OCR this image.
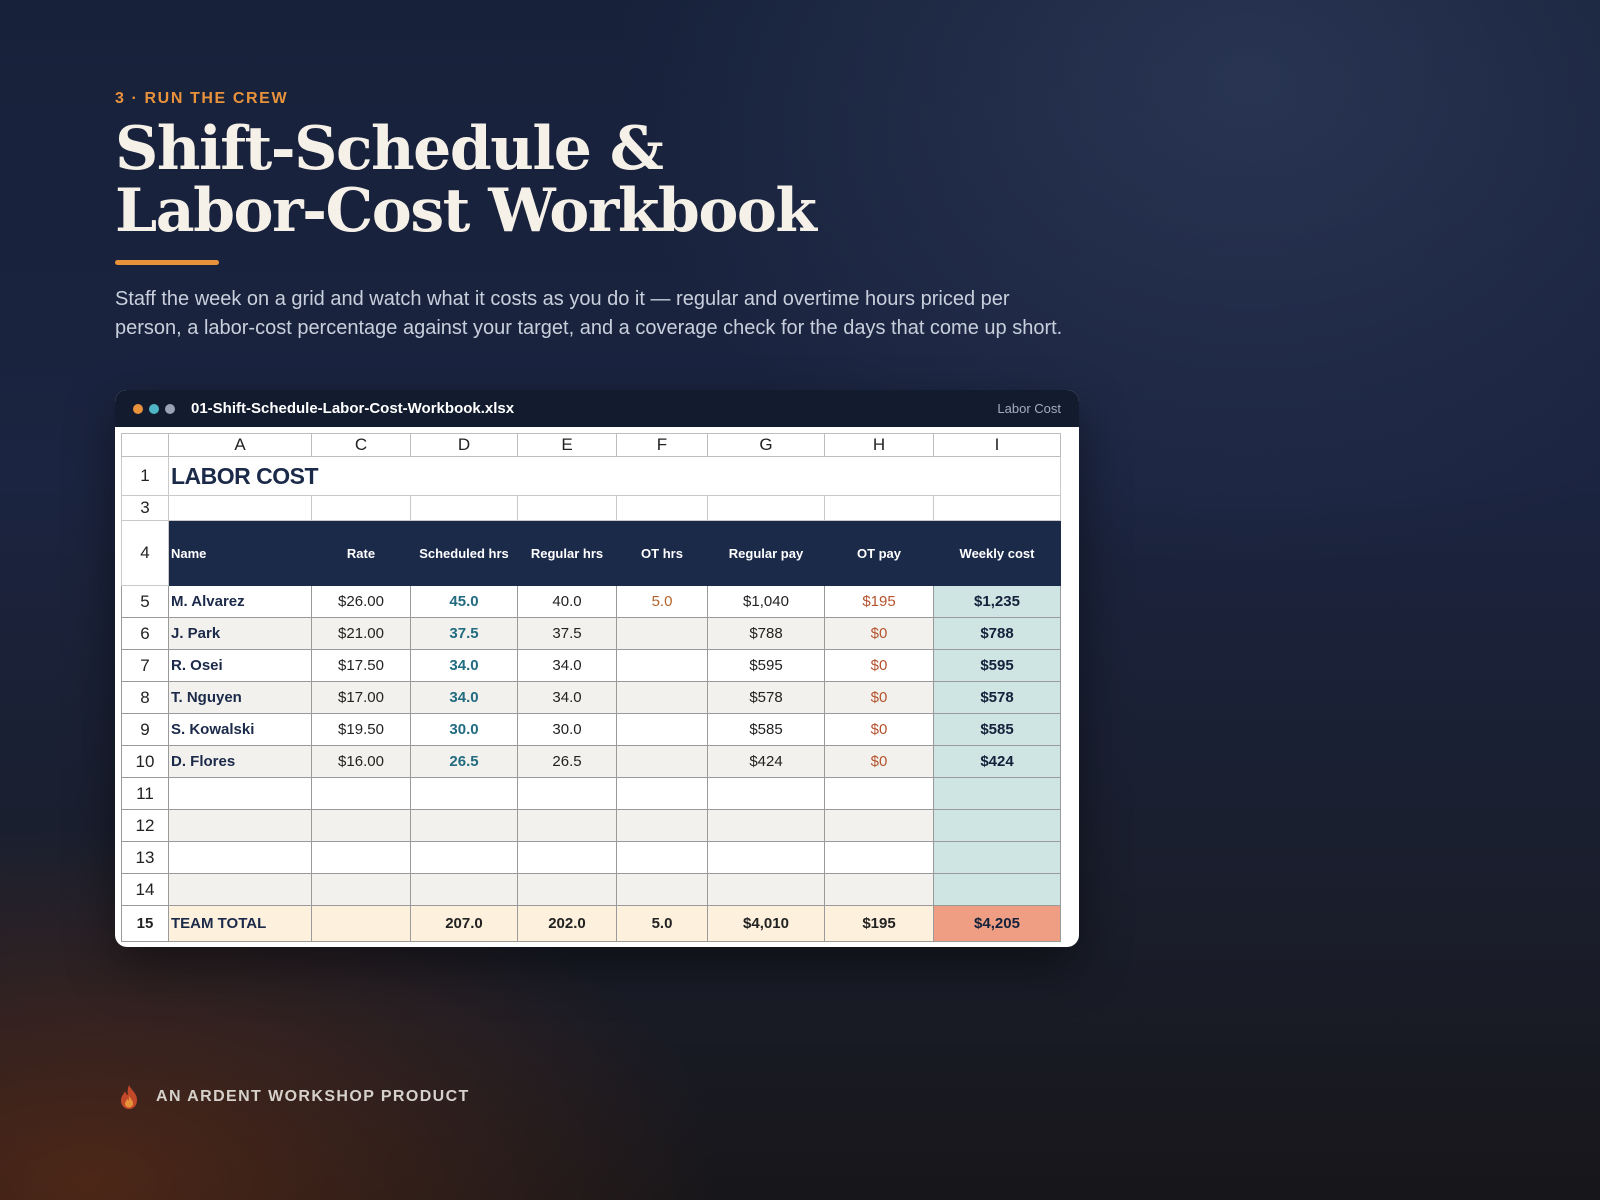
3 · RUN THE CREW
Shift-Schedule &
Labor-Cost Workbook

Staff the week on a grid and watch what it costs as you do it — regular and overtime hours priced per person, a labor-cost percentage against your target, and a coverage check for the days that come up short.

01-Shift-Schedule-Labor-Cost-Workbook.xlsx	Labor Cost
	A	C	D	E	F	G	H	I
1	LABOR COST							
3								
4	Name	Rate	Scheduled hrs	Regular hrs	OT hrs	Regular pay	OT pay	Weekly cost
5	M. Alvarez	$26.00	45.0	40.0	5.0	$1,040	$195	$1,235
6	J. Park	$21.00	37.5	37.5		$788	$0	$788
7	R. Osei	$17.50	34.0	34.0		$595	$0	$595
8	T. Nguyen	$17.00	34.0	34.0		$578	$0	$578
9	S. Kowalski	$19.50	30.0	30.0		$585	$0	$585
10	D. Flores	$16.00	26.5	26.5		$424	$0	$424
11								
12								
13								
14								
15	TEAM TOTAL		207.0	202.0	5.0	$4,010	$195	$4,205
AN ARDENT WORKSHOP PRODUCT
